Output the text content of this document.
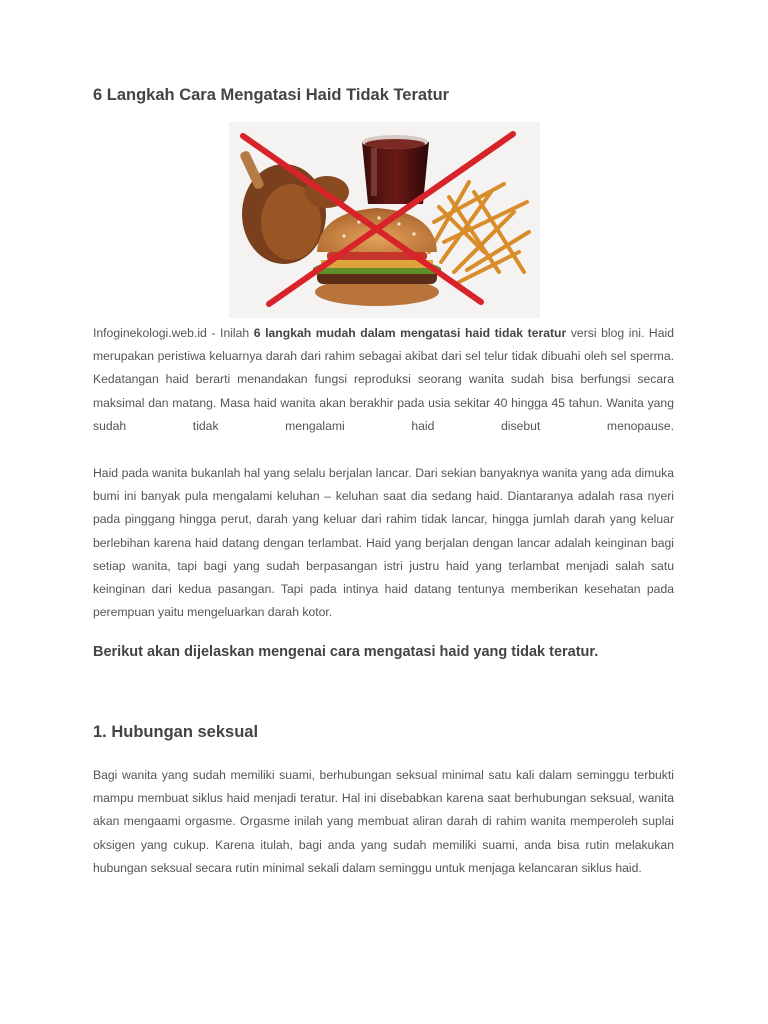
6 Langkah Cara Mengatasi Haid Tidak Teratur

Infoginekologi.web.id - Inilah 6 langkah mudah dalam mengatasi haid tidak teratur versi blog ini. Haid merupakan peristiwa keluarnya darah dari rahim sebagai akibat dari sel telur tidak dibuahi oleh sel sperma. Kedatangan haid berarti menandakan fungsi reproduksi seorang wanita sudah bisa berfungsi secara maksimal dan matang. Masa haid wanita akan berakhir pada usia sekitar 40 hingga 45 tahun. Wanita yang sudah tidak mengalami haid disebut menopause.

Haid pada wanita bukanlah hal yang selalu berjalan lancar. Dari sekian banyaknya wanita yang ada dimuka bumi ini banyak pula mengalami keluhan – keluhan saat dia sedang haid. Diantaranya adalah rasa nyeri pada pinggang hingga perut, darah yang keluar dari rahim tidak lancar, hingga jumlah darah yang keluar berlebihan karena haid datang dengan terlambat. Haid yang berjalan dengan lancar adalah keinginan bagi setiap wanita, tapi bagi yang sudah berpasangan istri justru haid yang terlambat menjadi salah satu keinginan dari kedua pasangan. Tapi pada intinya haid datang tentunya memberikan kesehatan pada perempuan yaitu mengeluarkan darah kotor.

Berikut akan dijelaskan mengenai cara mengatasi haid yang tidak teratur.
1. Hubungan seksual

Bagi wanita yang sudah memiliki suami, berhubungan seksual minimal satu kali dalam seminggu terbukti mampu membuat siklus haid menjadi teratur. Hal ini disebabkan karena saat berhubungan seksual, wanita akan mengaami orgasme. Orgasme inilah yang membuat aliran darah di rahim wanita memperoleh suplai oksigen yang cukup. Karena itulah, bagi anda yang sudah memiliki suami, anda bisa rutin melakukan hubungan seksual secara rutin minimal sekali dalam seminggu untuk menjaga kelancaran siklus haid.
